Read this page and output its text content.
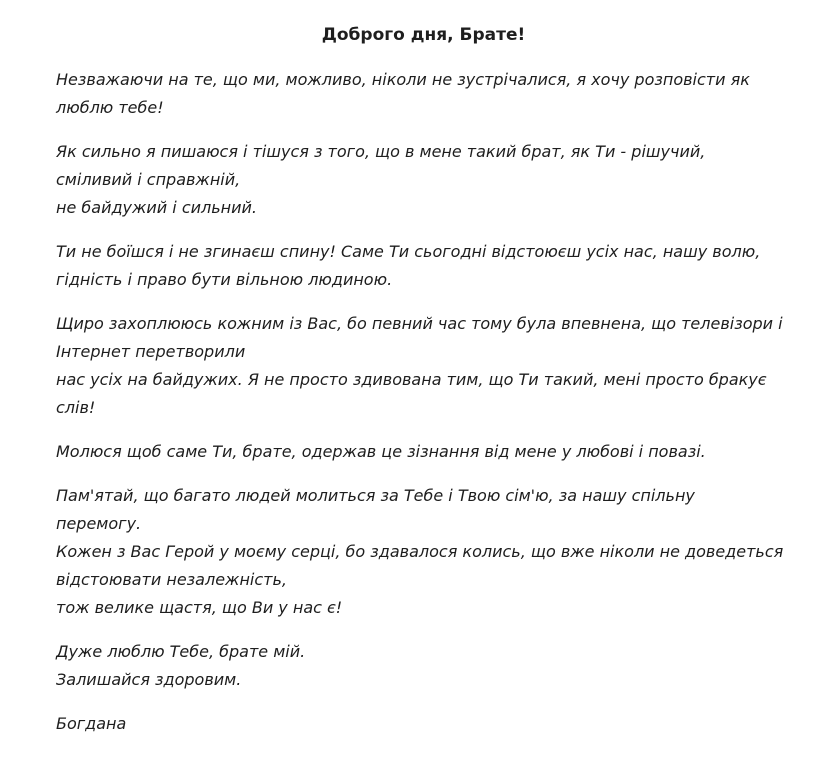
Доброго дня, Брате!
Незважаючи на те, що ми, можливо, ніколи не зустрічалися, я хочу розповісти як
люблю тебе!
Як сильно я пишаюся і тішуся з того, що в мене такий брат, як Ти - рішучий,
сміливий і справжній,
не байдужий і сильний.
Ти не боїшся і не згинаєш спину! Саме Ти сьогодні відстоюєш усіх нас, нашу волю,
гідність і право бути вільною людиною.
Щиро захоплююсь кожним із Вас, бо певний час тому була впевнена, що телевізори і
Інтернет перетворили
нас усіх на байдужих. Я не просто здивована тим, що Ти такий, мені просто бракує
слів!
Молюся щоб саме Ти, брате, одержав це зізнання від мене у любові і повазі.
Пам'ятай, що багато людей молиться за Тебе і Твою сім'ю, за нашу спільну
перемогу.
Кожен з Вас Герой у моєму серці, бо здавалося колись, що вже ніколи не доведеться
відстоювати незалежність,
тож велике щастя, що Ви у нас є!
Дуже люблю Тебе, брате мій.
Залишайся здоровим.
Богдана
